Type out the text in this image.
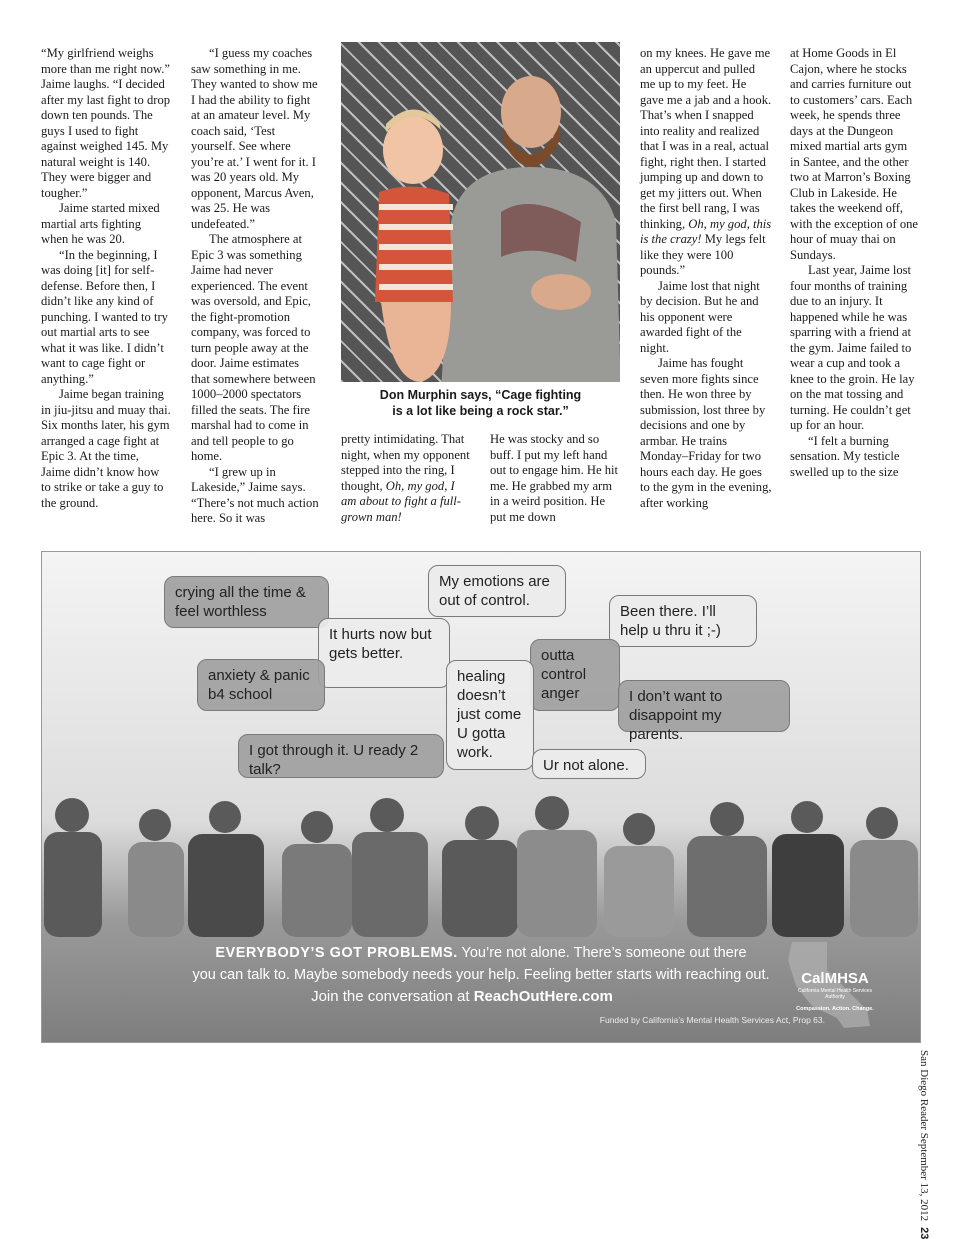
“My girlfriend weighs more than me right now.” Jaime laughs. “I decided after my last fight to drop down ten pounds. The guys I used to fight against weighed 145. My natural weight is 140. They were bigger and tougher.”

Jaime started mixed martial arts fighting when he was 20.

“In the beginning, I was doing [it] for self-defense. Before then, I didn’t like any kind of punching. I wanted to try out martial arts to see what it was like. I didn’t want to cage fight or anything.”

Jaime began training in jiu-jitsu and muay thai. Six months later, his gym arranged a cage fight at Epic 3. At the time, Jaime didn’t know how to strike or take a guy to the ground.

“I guess my coaches saw something in me. They wanted to show me I had the ability to fight at an amateur level. My coach said, ‘Test yourself. See where you’re at.’ I went for it. I was 20 years old. My opponent, Marcus Aven, was 25. He was undefeated.”

The atmosphere at Epic 3 was something Jaime had never experienced. The event was oversold, and Epic, the fight-promotion company, was forced to turn people away at the door. Jaime estimates that somewhere between 1000–2000 spectators filled the seats. The fire marshal had to come in and tell people to go home.

“I grew up in Lakeside,” Jaime says. “There’s not much action here. So it was

Don Murphin says, “Cage fighting
is a lot like being a rock star.”

pretty intimidating. That night, when my opponent stepped into the ring, I thought, Oh, my god, I am about to fight a full-grown man!

He was stocky and so buff. I put my left hand out to engage him. He hit me. He grabbed my arm in a weird position. He put me down

on my knees. He gave me an uppercut and pulled me up to my feet. He gave me a jab and a hook. That’s when I snapped into reality and realized that I was in a real, actual fight, right then. I started jumping up and down to get my jitters out. When the first bell rang, I was thinking, Oh, my god, this is the crazy! My legs felt like they were 100 pounds.”

Jaime lost that night by decision. But he and his opponent were awarded fight of the night.

Jaime has fought seven more fights since then. He won three by submission, lost three by decisions and one by armbar. He trains Monday–Friday for two hours each day. He goes to the gym in the evening, after working

at Home Goods in El Cajon, where he stocks and carries furniture out to customers’ cars. Each week, he spends three days at the Dungeon mixed martial arts gym in Santee, and the other two at Marron’s Boxing Club in Lakeside. He takes the weekend off, with the exception of one hour of muay thai on Sundays.

Last year, Jaime lost four months of training due to an injury. It happened while he was sparring with a friend at the gym. Jaime failed to wear a cup and took a knee to the groin. He lay on the mat tossing and turning. He couldn’t get up for an hour.

“I felt a burning sensation. My testicle swelled up to the size

crying all the time & feel worthless
My emotions are out of control.
Been there. I’ll help u thru it ;-)
It hurts now but gets better.	outta control anger
anxiety & panic b4 school
healing doesn’t just come U gotta work.
I don’t want to disappoint my parents.
I got through it. U ready 2 talk?	Ur not alone.
CalMHSA
California Mental Health Services Authority
Compassion. Action. Change.
EVERYBODY’S GOT PROBLEMS. You’re not alone. There’s someone out there
you can talk to. Maybe somebody needs your help. Feeling better starts with reaching out.
Join the conversation at ReachOutHere.com
Funded by California’s Mental Health Services Act, Prop 63.
San Diego Reader September 13, 201223
